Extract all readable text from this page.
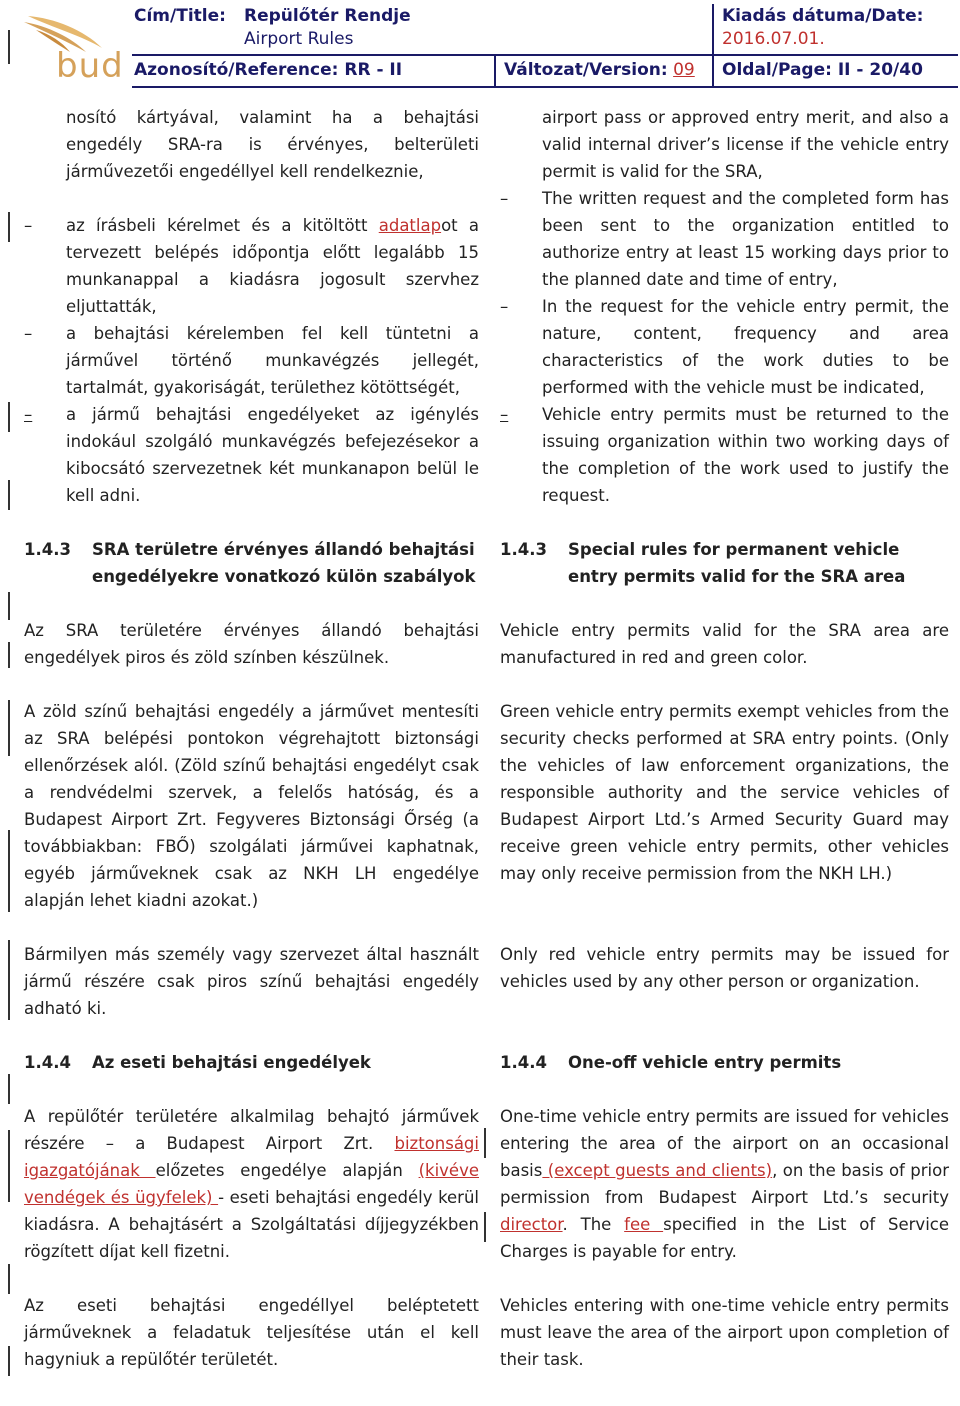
bud
Cím/Title: Repülőtér Rendje	Kiadás dátuma/Date:
Airport Rules	2016.07.01.
Azonosító/Reference: RR - II	Változat/Version: 09 Oldal/Page: II - 20/40

nosító kártyával, valamint ha a behajtási engedély SRA-ra is érvényes, belterületi járművezetői engedéllyel kell rendelkeznie,

–	az írásbeli kérelmet és a kitöltött adatlapot a tervezett belépés időpontja előtt legalább 15 munkanappal a kiadásra jogosult szervhez eljuttatták,
–	a behajtási kérelemben fel kell tüntetni a járművel történő munkavégzés jellegét, tartalmát, gyakoriságát, területhez kötöttségét,
–	a jármű behajtási engedélyeket az igénylés indokául szolgáló munkavégzés befejezésekor a kibocsátó szervezetnek két munkanapon belül le kell adni.
1.4.3	SRA területre érvényes állandó behajtási engedélyekre vonatkozó külön szabályok

Az SRA területére érvényes állandó behajtási engedélyek piros és zöld színben készülnek.

A zöld színű behajtási engedély a járművet mentesíti az SRA belépési pontokon végrehajtott biztonsági ellenőrzések alól. (Zöld színű behajtási engedélyt csak a rendvédelmi szervek, a felelős hatóság, és a Budapest Airport Zrt. Fegyveres Biztonsági Őrség (a továbbiakban: FBŐ) szolgálati járművei kaphatnak, egyéb járműveknek csak az NKH LH engedélye alapján lehet kiadni azokat.)

Bármilyen más személy vagy szervezet által használt jármű részére csak piros színű behajtási engedély adható ki.

1.4.4	Az eseti behajtási engedélyek

A repülőtér területére alkalmilag behajtó járművek részére – a Budapest Airport Zrt. biztonsági igazgatójának előzetes engedélye alapján (kivéve vendégek és ügyfelek) - eseti behajtási engedély kerül kiadásra. A behajtásért a Szolgáltatási díjjegyzékben rögzített díjat kell fizetni.

Az eseti behajtási engedéllyel beléptetett járműveknek a feladatuk teljesítése után el kell hagyniuk a repülőtér területét.

airport pass or approved entry merit, and also a valid internal driver’s license if the vehicle entry permit is valid for the SRA,

–	The written request and the completed form has been sent to the organization entitled to authorize entry at least 15 working days prior to the planned date and time of entry,
–	In the request for the vehicle entry permit, the nature, content, frequency and area characteristics of the work duties to be performed with the vehicle must be indicated,
–	Vehicle entry permits must be returned to the issuing organization within two working days of the completion of the work used to justify the request.
1.4.3	Special rules for permanent vehicle entry permits valid for the SRA area

Vehicle entry permits valid for the SRA area are manufactured in red and green color.

Green vehicle entry permits exempt vehicles from the security checks performed at SRA entry points. (Only the vehicles of law enforcement organizations, the responsible authority and the service vehicles of Budapest Airport Ltd.’s Armed Security Guard may receive green vehicle entry permits, other vehicles may only receive permission from the NKH LH.)

Only red vehicle entry permits may be issued for vehicles used by any other person or organization.

1.4.4	One-off vehicle entry permits

One-time vehicle entry permits are issued for vehicles entering the area of the airport on an occasional basis (except guests and clients), on the basis of prior permission from Budapest Airport Ltd.’s security director. The fee specified in the List of Service Charges is payable for entry.

Vehicles entering with one-time vehicle entry permits must leave the area of the airport upon completion of their task.
